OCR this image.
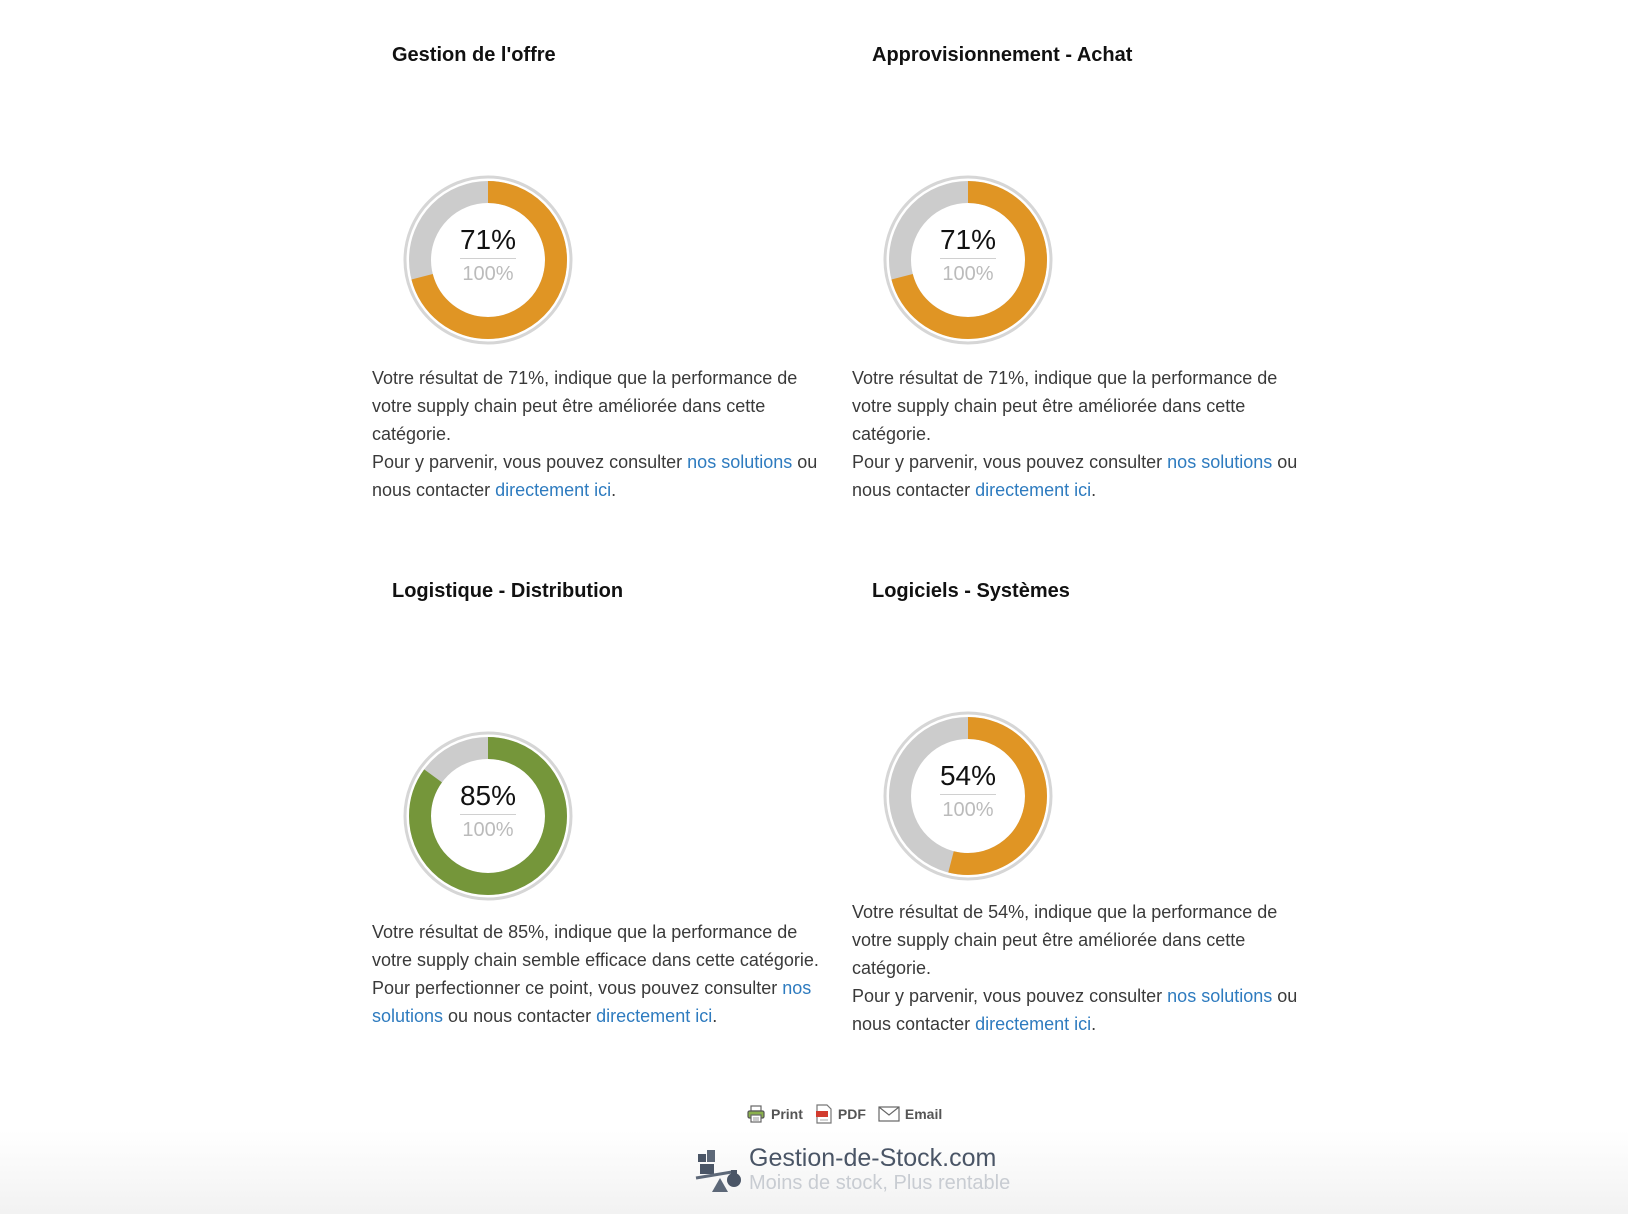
Gestion de l'offre
71%
100%

Votre résultat de 71%, indique que la performance de votre supply chain peut être améliorée dans cette catégorie.
Pour y parvenir, vous pouvez consulter nos solutions ou nous contacter directement ici.

Approvisionnement - Achat
71%
100%

Votre résultat de 71%, indique que la performance de votre supply chain peut être améliorée dans cette catégorie.
Pour y parvenir, vous pouvez consulter nos solutions ou nous contacter directement ici.

Logistique - Distribution
85%
100%

Votre résultat de 85%, indique que la performance de votre supply chain semble efficace dans cette catégorie.
Pour perfectionner ce point, vous pouvez consulter nos solutions ou nous contacter directement ici.

Logiciels - Systèmes
54%
100%

Votre résultat de 54%, indique que la performance de votre supply chain peut être améliorée dans cette catégorie.
Pour y parvenir, vous pouvez consulter nos solutions ou nous contacter directement ici.

Print	PDF	Email
Gestion-de-Stock.com
Moins de stock, Plus rentable
